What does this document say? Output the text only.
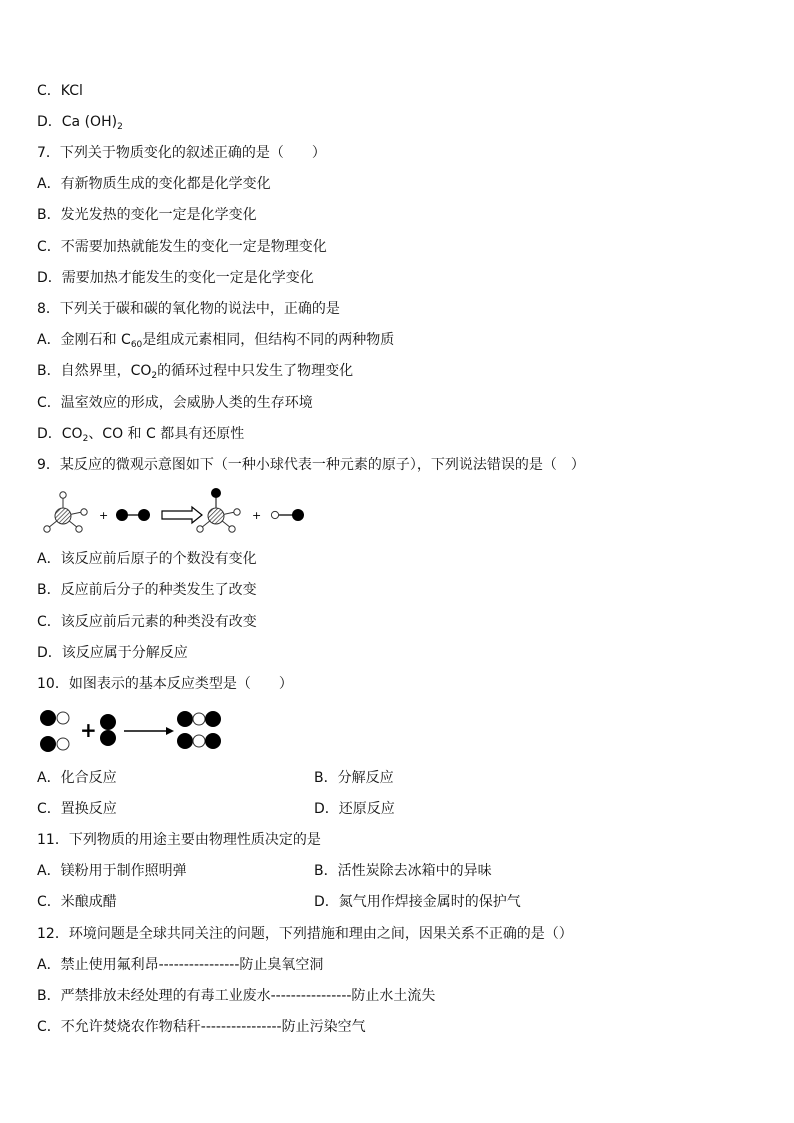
C．KCl
D．Ca $(OH)_2$
7．下列关于物质变化的叙述正确的是（　　）
A．有新物质生成的变化都是化学变化
B．发光发热的变化一定是化学变化
C．不需要加热就能发生的变化一定是物理变化
D．需要加热才能发生的变化一定是化学变化
8．下列关于碳和碳的氧化物的说法中，正确的是
A．金刚石和 $C_{60}$是组成元素相同，但结构不同的两种物质
B．自然界里，$CO_2$的循环过程中只发生了物理变化
C．温室效应的形成，会威胁人类的生存环境
D．$CO_2$、CO 和 C 都具有还原性
9．某反应的微观示意图如下（一种小球代表一种元素的原子），下列说法错误的是（　）
+	+
A．该反应前后原子的个数没有变化
B．反应前后分子的种类发生了改变
C．该反应前后元素的种类没有改变
D．该反应属于分解反应
10．如图表示的基本反应类型是（　　）
+
A．化合反应	B．分解反应
C．置换反应	D．还原反应
11．下列物质的用途主要由物理性质决定的是
A．镁粉用于制作照明弹	B．活性炭除去冰箱中的异味
C．米酿成醋	D．氮气用作焊接金属时的保护气
12．环境问题是全球共同关注的问题，下列措施和理由之间，因果关系不正确的是（）
A．禁止使用氟利昂----------------防止臭氧空洞
B．严禁排放未经处理的有毒工业废水----------------防止水土流失
C．不允许焚烧农作物秸秆----------------防止污染空气
